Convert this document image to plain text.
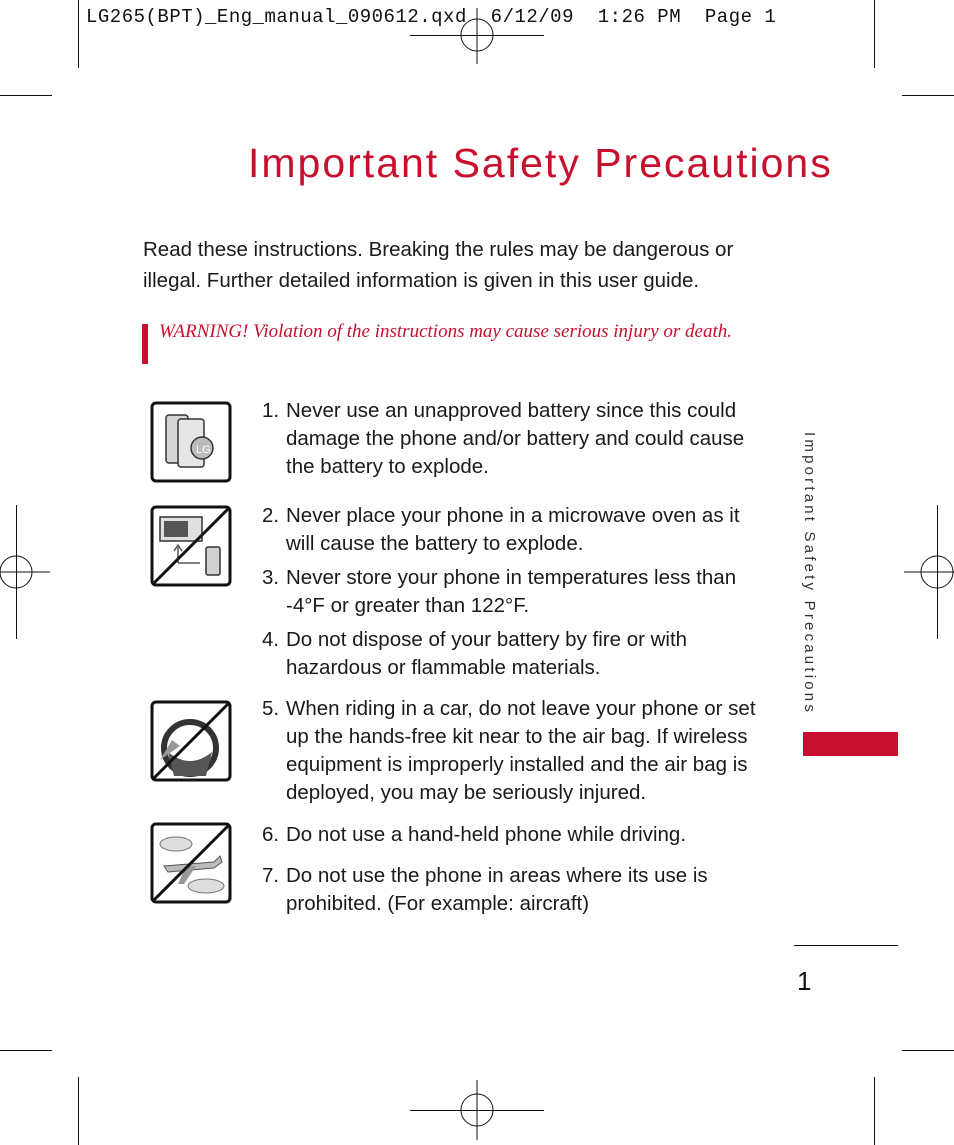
LG265(BPT)_Eng_manual_090612.qxd  6/12/09  1:26 PM  Page 1
Important Safety Precautions

Read these instructions. Breaking the rules may be dangerous or illegal. Further detailed information is given in this user guide.

WARNING! Violation of the instructions may cause serious injury or death.

LG
1. Never use an unapproved battery since this could damage the phone and/or battery and could cause the battery to explode.
2. Never place your phone in a microwave oven as it will cause the battery to explode.
3. Never store your phone in temperatures less than -4°F or greater than 122°F.
4. Do not dispose of your battery by fire or with hazardous or flammable materials.
5. When riding in a car, do not leave your phone or set up the hands-free kit near to the air bag. If wireless equipment is improperly installed and the air bag is deployed, you may be seriously injured.
6. Do not use a hand-held phone while driving.
7. Do not use the phone in areas where its use is prohibited. (For example: aircraft)
Important Safety Precautions
1
